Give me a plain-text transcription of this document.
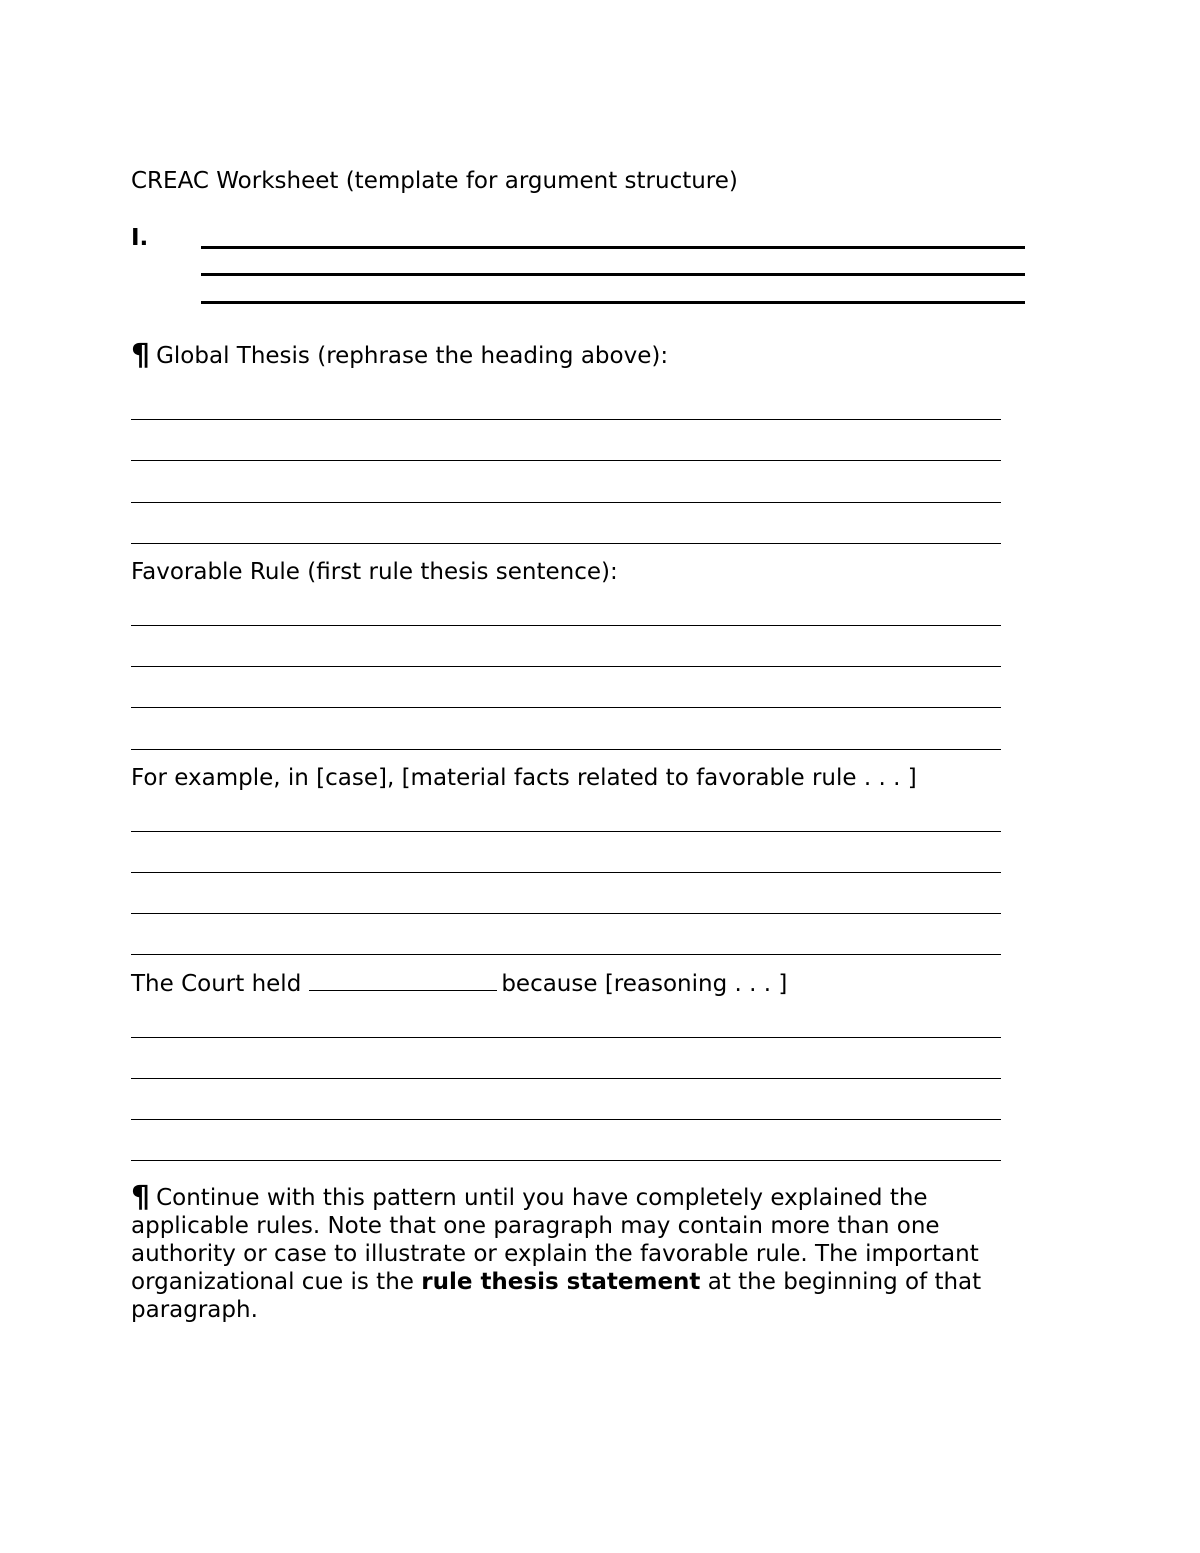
CREAC Worksheet (template for argument structure)
I.
¶ Global Thesis (rephrase the heading above):
Favorable Rule (first rule thesis sentence):
For example, in [case], [material facts related to favorable rule . . . ]
The Court held	because [reasoning . . . ]
¶ Continue with this pattern until you have completely explained the applicable rules. Note that one paragraph may contain more than one authority or case to illustrate or explain the favorable rule. The important organizational cue is the rule thesis statement at the beginning of that paragraph.
